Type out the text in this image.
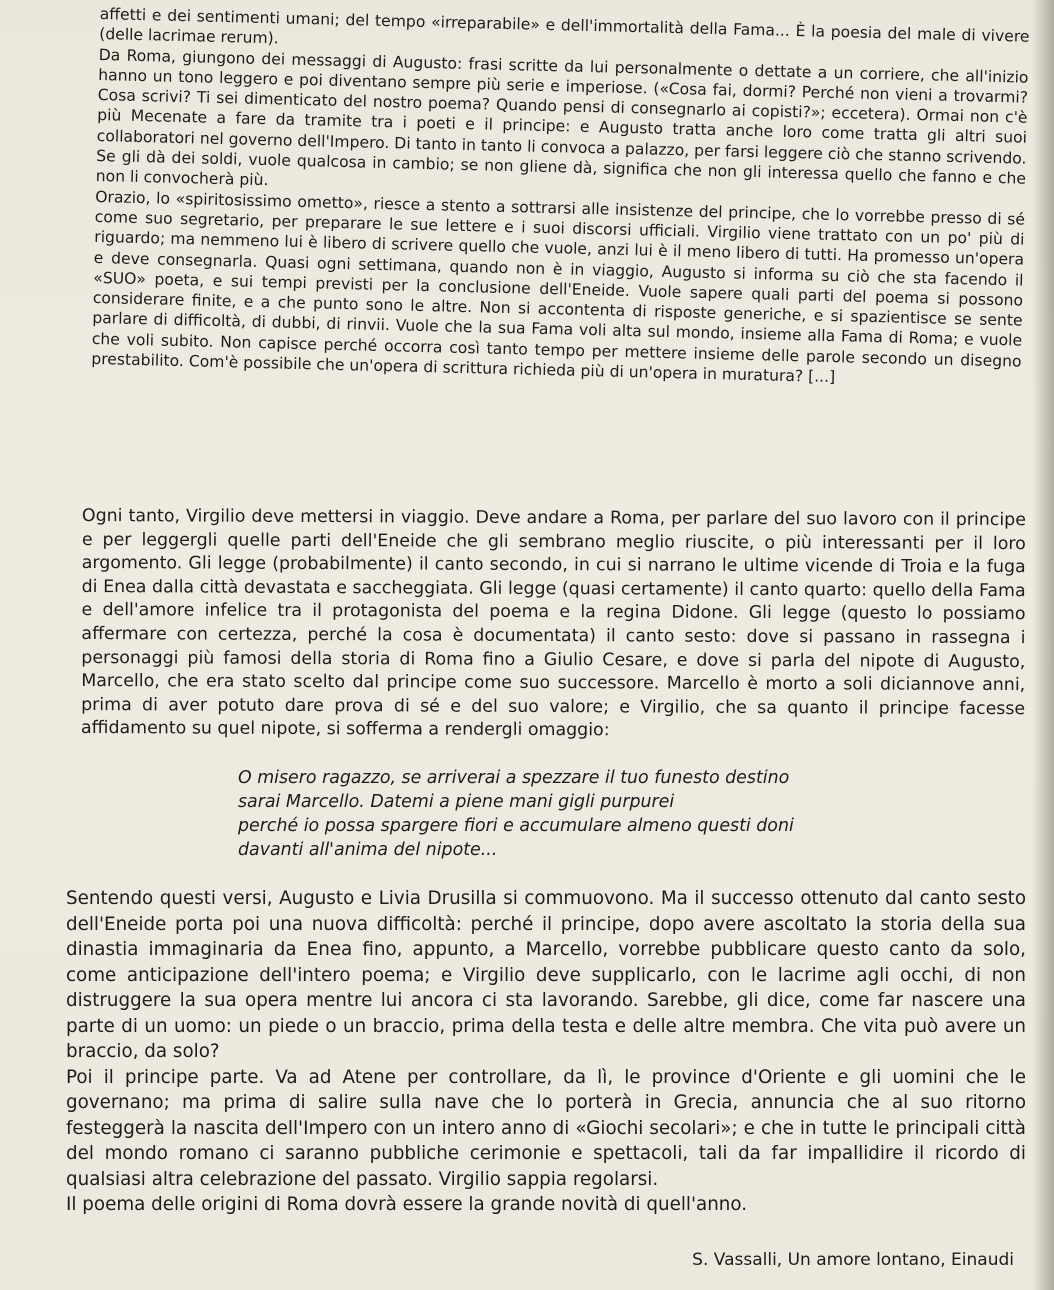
affetti e dei sentimenti umani; del tempo «irreparabile» e dell'immortalità della Fama... È la poesia del male di vivere (delle lacrimae rerum).

Da Roma, giungono dei messaggi di Augusto: frasi scritte da lui personalmente o dettate a un corriere, che all'inizio hanno un tono leggero e poi diventano sempre più serie e imperiose. («Cosa fai, dormi? Perché non vieni a trovarmi? Cosa scrivi? Ti sei dimenticato del nostro poema? Quando pensi di consegnarlo ai copisti?»; eccetera). Ormai non c'è più Mecenate a fare da tramite tra i poeti e il principe: e Augusto tratta anche loro come tratta gli altri suoi collaboratori nel governo dell'Impero. Di tanto in tanto li convoca a palazzo, per farsi leggere ciò che stanno scrivendo. Se gli dà dei soldi, vuole qualcosa in cambio; se non gliene dà, significa che non gli interessa quello che fanno e che non li convocherà più.

Orazio, lo «spiritosissimo ometto», riesce a stento a sottrarsi alle insistenze del principe, che lo vorrebbe presso di sé come suo segretario, per preparare le sue lettere e i suoi discorsi ufficiali. Virgilio viene trattato con un po' più di riguardo; ma nemmeno lui è libero di scrivere quello che vuole, anzi lui è il meno libero di tutti. Ha promesso un'opera e deve consegnarla. Quasi ogni settimana, quando non è in viaggio, Augusto si informa su ciò che sta facendo il «SUO» poeta, e sui tempi previsti per la conclusione dell'Eneide. Vuole sapere quali parti del poema si possono considerare finite, e a che punto sono le altre. Non si accontenta di risposte generiche, e si spazientisce se sente parlare di difficoltà, di dubbi, di rinvii. Vuole che la sua Fama voli alta sul mondo, insieme alla Fama di Roma; e vuole che voli subito. Non capisce perché occorra così tanto tempo per mettere insieme delle parole secondo un disegno prestabilito. Com'è possibile che un'opera di scrittura richieda più di un'opera in muratura? [...]

Ogni tanto, Virgilio deve mettersi in viaggio. Deve andare a Roma, per parlare del suo lavoro con il principe e per leggergli quelle parti dell'Eneide che gli sembrano meglio riuscite, o più interessanti per il loro argomento. Gli legge (probabilmente) il canto secondo, in cui si narrano le ultime vicende di Troia e la fuga di Enea dalla città devastata e saccheggiata. Gli legge (quasi certamente) il canto quarto: quello della Fama e dell'amore infelice tra il protagonista del poema e la regina Didone. Gli legge (questo lo possiamo affermare con certezza, perché la cosa è documentata) il canto sesto: dove si passano in rassegna i personaggi più famosi della storia di Roma fino a Giulio Cesare, e dove si parla del nipote di Augusto, Marcello, che era stato scelto dal principe come suo successore. Marcello è morto a soli diciannove anni, prima di aver potuto dare prova di sé e del suo valore; e Virgilio, che sa quanto il principe facesse affidamento su quel nipote, si sofferma a rendergli omaggio:

O misero ragazzo, se arriverai a spezzare il tuo funesto destino
sarai Marcello. Datemi a piene mani gigli purpurei
perché io possa spargere fiori e accumulare almeno questi doni
davanti all'anima del nipote...

Sentendo questi versi, Augusto e Livia Drusilla si commuovono. Ma il successo ottenuto dal canto sesto dell'Eneide porta poi una nuova difficoltà: perché il principe, dopo avere ascoltato la storia della sua dinastia immaginaria da Enea fino, appunto, a Marcello, vorrebbe pubblicare questo canto da solo, come anticipazione dell'intero poema; e Virgilio deve supplicarlo, con le lacrime agli occhi, di non distruggere la sua opera mentre lui ancora ci sta lavorando. Sarebbe, gli dice, come far nascere una parte di un uomo: un piede o un braccio, prima della testa e delle altre membra. Che vita può avere un braccio, da solo?

Poi il principe parte. Va ad Atene per controllare, da lì, le province d'Oriente e gli uomini che le governano; ma prima di salire sulla nave che lo porterà in Grecia, annuncia che al suo ritorno festeggerà la nascita dell'Impero con un intero anno di «Giochi secolari»; e che in tutte le principali città del mondo romano ci saranno pubbliche cerimonie e spettacoli, tali da far impallidire il ricordo di qualsiasi altra celebrazione del passato. Virgilio sappia regolarsi.

Il poema delle origini di Roma dovrà essere la grande novità di quell'anno.

S. Vassalli, Un amore lontano, Einaudi
